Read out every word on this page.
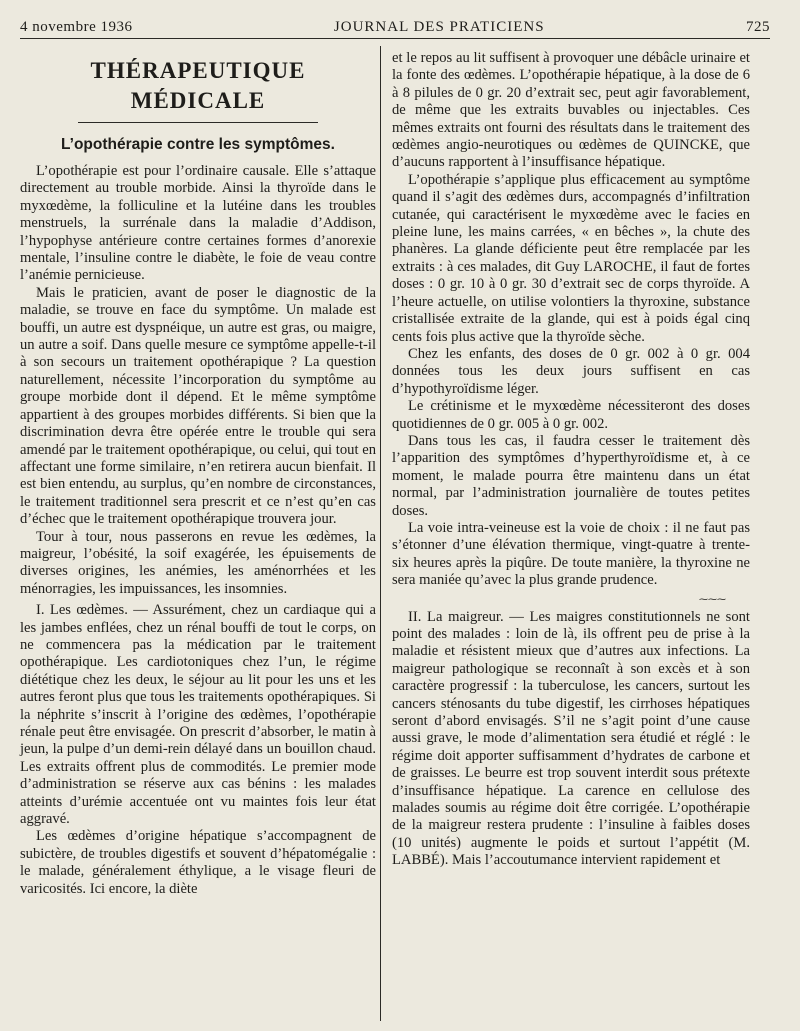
4 novembre 1936	JOURNAL DES PRATICIENS	725
THÉRAPEUTIQUE MÉDICALE
L’opothérapie contre les symptômes.

L’opothérapie est pour l’ordinaire causale. Elle s’attaque directement au trouble morbide. Ainsi la thyroïde dans le myxœdème, la folliculine et la lutéine dans les troubles menstruels, la surrénale dans la maladie d’Addison, l’hypophyse antérieure contre certaines formes d’anorexie mentale, l’insuline contre le diabète, le foie de veau contre l’anémie pernicieuse.

Mais le praticien, avant de poser le diagnostic de la maladie, se trouve en face du symptôme. Un malade est bouffi, un autre est dyspnéique, un autre est gras, ou maigre, un autre a soif. Dans quelle mesure ce symptôme appelle-t-il à son secours un traitement opothérapique ? La question naturellement, nécessite l’incorporation du symptôme au groupe morbide dont il dépend. Et le même symptôme appartient à des groupes morbides différents. Si bien que la discrimination devra être opérée entre le trouble qui sera amendé par le traitement opothérapique, ou celui, qui tout en affectant une forme similaire, n’en retirera aucun bienfait. Il est bien entendu, au surplus, qu’en nombre de circonstances, le traitement traditionnel sera prescrit et ce n’est qu’en cas d’échec que le traitement opothérapique trouvera jour.

Tour à tour, nous passerons en revue les œdèmes, la maigreur, l’obésité, la soif exagérée, les épuisements de diverses origines, les anémies, les aménorrhées et les ménorragies, les impuissances, les insomnies.

I. Les œdèmes. — Assurément, chez un cardiaque qui a les jambes enflées, chez un rénal bouffi de tout le corps, on ne commencera pas la médication par le traitement opothérapique. Les cardiotoniques chez l’un, le régime diététique chez les deux, le séjour au lit pour les uns et les autres feront plus que tous les traitements opothérapiques. Si la néphrite s’inscrit à l’origine des œdèmes, l’opothérapie rénale peut être envisagée. On prescrit d’absorber, le matin à jeun, la pulpe d’un demi-rein délayé dans un bouillon chaud. Les extraits offrent plus de commodités. Le premier mode d’administration se réserve aux cas bénins : les malades atteints d’urémie accentuée ont vu maintes fois leur état aggravé.

Les œdèmes d’origine hépatique s’accompagnent de subictère, de troubles digestifs et souvent d’hépatomégalie : le malade, généralement éthylique, a le visage fleuri de varicosités. Ici encore, la diète

et le repos au lit suffisent à provoquer une débâcle urinaire et la fonte des œdèmes. L’opothérapie hépatique, à la dose de 6 à 8 pilules de 0 gr. 20 d’extrait sec, peut agir favorablement, de même que les extraits buvables ou injectables. Ces mêmes extraits ont fourni des résultats dans le traitement des œdèmes angio-neurotiques ou œdèmes de QUINCKE, que d’aucuns rapportent à l’insuffisance hépatique.

L’opothérapie s’applique plus efficacement au symptôme quand il s’agit des œdèmes durs, accompagnés d’infiltration cutanée, qui caractérisent le myxœdème avec le facies en pleine lune, les mains carrées, « en bêches », la chute des phanères. La glande déficiente peut être remplacée par les extraits : à ces malades, dit Guy LAROCHE, il faut de fortes doses : 0 gr. 10 à 0 gr. 30 d’extrait sec de corps thyroïde. A l’heure actuelle, on utilise volontiers la thyroxine, substance cristallisée extraite de la glande, qui est à poids égal cinq cents fois plus active que la thyroïde sèche.

Chez les enfants, des doses de 0 gr. 002 à 0 gr. 004 données tous les deux jours suffisent en cas d’hypothyroïdisme léger.

Le crétinisme et le myxœdème nécessiteront des doses quotidiennes de 0 gr. 005 à 0 gr. 002.

Dans tous les cas, il faudra cesser le traitement dès l’apparition des symptômes d’hyperthyroïdisme et, à ce moment, le malade pourra être maintenu dans un état normal, par l’administration journalière de toutes petites doses.

La voie intra-veineuse est la voie de choix : il ne faut pas s’étonner d’une élévation thermique, vingt-quatre à trente-six heures après la piqûre. De toute manière, la thyroxine ne sera maniée qu’avec la plus grande prudence.

⁓⁓⁓

II. La maigreur. — Les maigres constitutionnels ne sont point des malades : loin de là, ils offrent peu de prise à la maladie et résistent mieux que d’autres aux infections. La maigreur pathologique se reconnaît à son excès et à son caractère progressif : la tuberculose, les cancers, surtout les cancers sténosants du tube digestif, les cirrhoses hépatiques seront d’abord envisagés. S’il ne s’agit point d’une cause aussi grave, le mode d’alimentation sera étudié et réglé : le régime doit apporter suffisamment d’hydrates de carbone et de graisses. Le beurre est trop souvent interdit sous prétexte d’insuffisance hépatique. La carence en cellulose des malades soumis au régime doit être corrigée. L’opothérapie de la maigreur restera prudente : l’insuline à faibles doses (10 unités) augmente le poids et surtout l’appétit (M. LABBÉ). Mais l’accoutumance intervient rapidement et
